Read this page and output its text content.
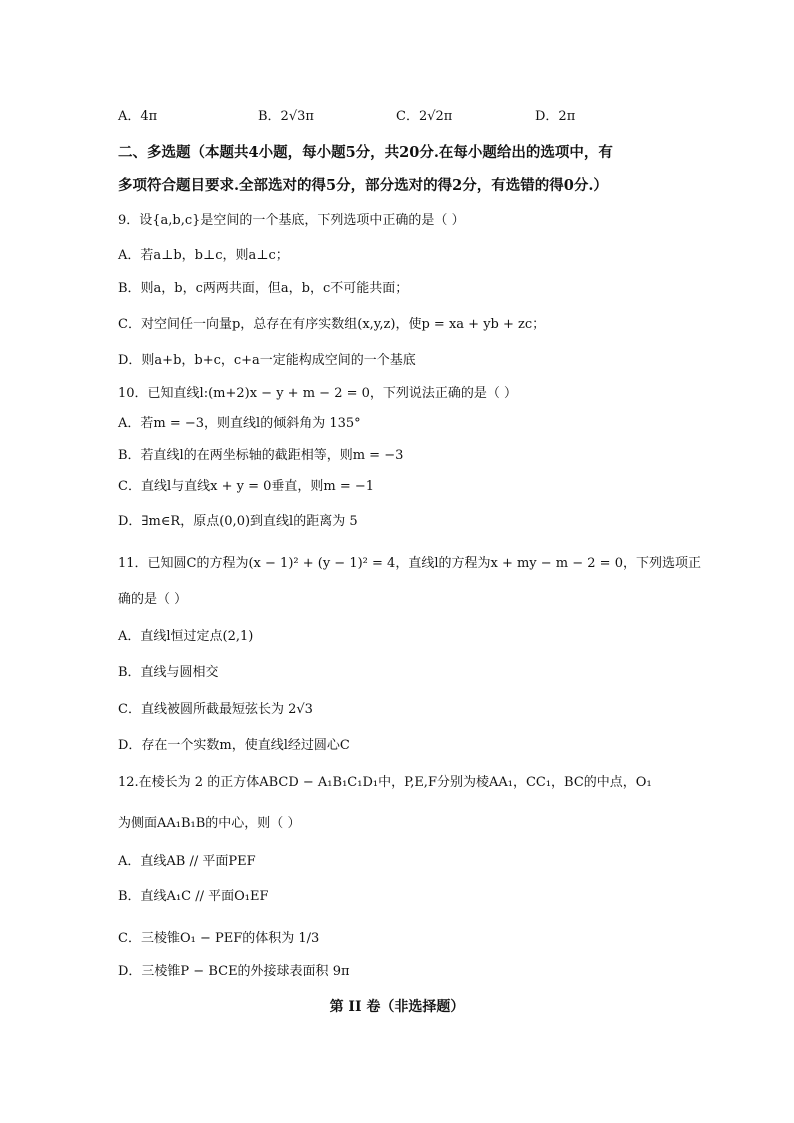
A．4π	B．2√3π	C．2√2π	D．2π
二、多选题（本题共4小题，每小题5分，共20分.在每小题给出的选项中，有
多项符合题目要求.全部选对的得5分，部分选对的得2分，有选错的得0分.）
9．设{a,b,c}是空间的一个基底，下列选项中正确的是（ ）
A．若a⊥b，b⊥c，则a⊥c；
B．则a，b，c两两共面，但a，b，c不可能共面；
C．对空间任一向量p，总存在有序实数组(x,y,z)，使p = xa + yb + zc；
D．则a+b，b+c，c+a一定能构成空间的一个基底
10．已知直线l:(m+2)x − y + m − 2 = 0，下列说法正确的是（ ）
A．若m = −3，则直线l的倾斜角为 135°
B．若直线l的在两坐标轴的截距相等，则m = −3
C．直线l与直线x + y = 0垂直，则m = −1
D．∃m∈R，原点(0,0)到直线l的距离为 5
11．已知圆C的方程为(x − 1)² + (y − 1)² = 4，直线l的方程为x + my − m − 2 = 0，下列选项正
确的是（ ）
A．直线l恒过定点(2,1)
B．直线与圆相交
C．直线被圆所截最短弦长为 2√3
D．存在一个实数m，使直线l经过圆心C
12.在棱长为 2 的正方体ABCD − A₁B₁C₁D₁中，P,E,F分别为棱AA₁，CC₁，BC的中点，O₁
为侧面AA₁B₁B的中心，则（ ）
A．直线AB // 平面PEF
B．直线A₁C // 平面O₁EF
C．三棱锥O₁ − PEF的体积为 1/3
D．三棱锥P − BCE的外接球表面积 9π
第 II 卷（非选择题）
